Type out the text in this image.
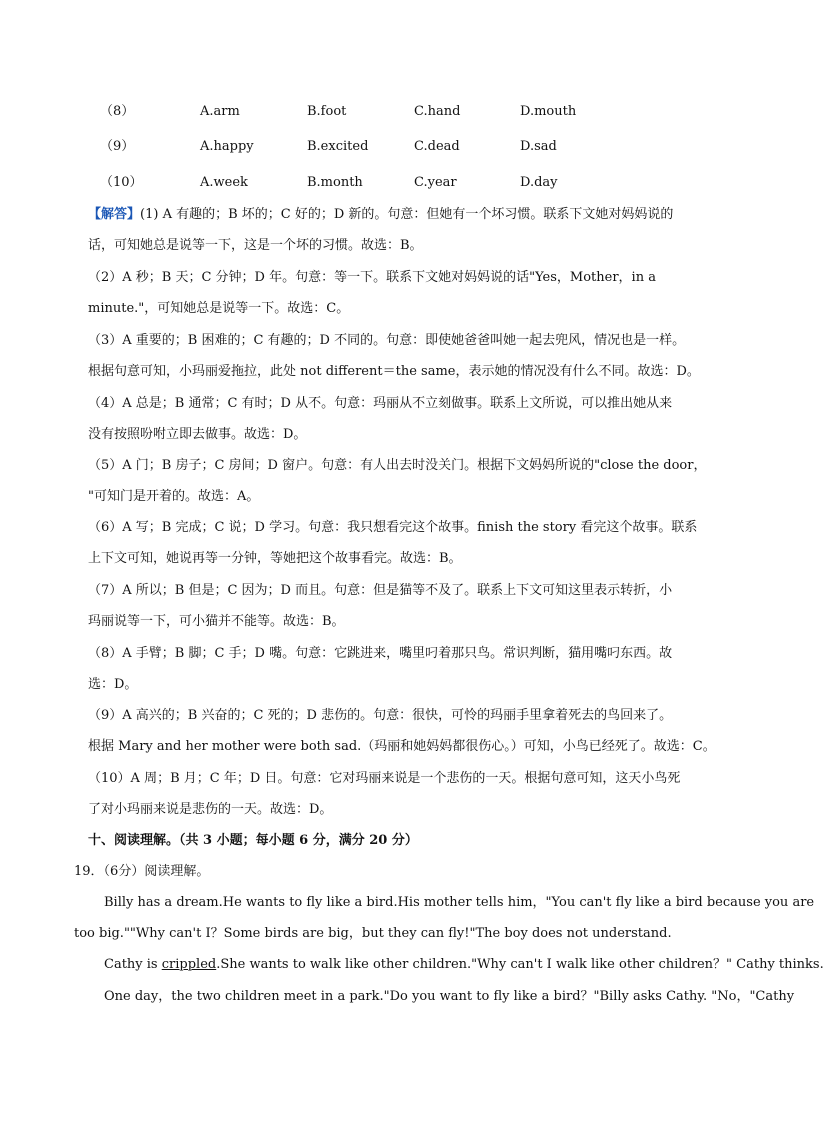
（8）	A.arm	B.foot	C.hand	D.mouth
（9）	A.happy	B.excited	C.dead	D.sad
（10）	A.week	B.month	C.year	D.day
【解答】(1) A 有趣的；B 坏的；C 好的；D 新的。句意：但她有一个坏习惯。联系下文她对妈妈说的
话，可知她总是说等一下，这是一个坏的习惯。故选：B。
（2）A 秒；B 天；C 分钟；D 年。句意：等一下。联系下文她对妈妈说的话"Yes，Mother，in a
minute."，可知她总是说等一下。故选：C。
（3）A 重要的；B 困难的；C 有趣的；D 不同的。句意：即使她爸爸叫她一起去兜风，情况也是一样。
根据句意可知，小玛丽爱拖拉，此处 not different＝the same，表示她的情况没有什么不同。故选：D。
（4）A 总是；B 通常；C 有时；D 从不。句意：玛丽从不立刻做事。联系上文所说，可以推出她从来
没有按照吩咐立即去做事。故选：D。
（5）A 门；B 房子；C 房间；D 窗户。句意：有人出去时没关门。根据下文妈妈所说的"close the door，
"可知门是开着的。故选：A。
（6）A 写；B 完成；C 说；D 学习。句意：我只想看完这个故事。finish the story 看完这个故事。联系
上下文可知，她说再等一分钟，等她把这个故事看完。故选：B。
（7）A 所以；B 但是；C 因为；D 而且。句意：但是猫等不及了。联系上下文可知这里表示转折，小
玛丽说等一下，可小猫并不能等。故选：B。
（8）A 手臂；B 脚；C 手；D 嘴。句意：它跳进来，嘴里叼着那只鸟。常识判断，猫用嘴叼东西。故
选：D。
（9）A 高兴的；B 兴奋的；C 死的；D 悲伤的。句意：很快，可怜的玛丽手里拿着死去的鸟回来了。
根据 Mary and her mother were both sad.（玛丽和她妈妈都很伤心。）可知，小鸟已经死了。故选：C。
（10）A 周；B 月；C 年；D 日。句意：它对玛丽来说是一个悲伤的一天。根据句意可知，这天小鸟死
了对小玛丽来说是悲伤的一天。故选：D。
十、阅读理解。（共 3 小题；每小题 6 分，满分 20 分）
19．（6分）阅读理解。
Billy has a dream.He wants to fly like a bird.His mother tells him，"You can't fly like a bird because you are
too big.""Why can't I？Some birds are big，but they can fly!"The boy does not understand.
Cathy is crippled.She wants to walk like other children."Why can't I walk like other children？" Cathy thinks.
One day，the two children meet in a park."Do you want to fly like a bird？"Billy asks Cathy. "No，"Cathy
